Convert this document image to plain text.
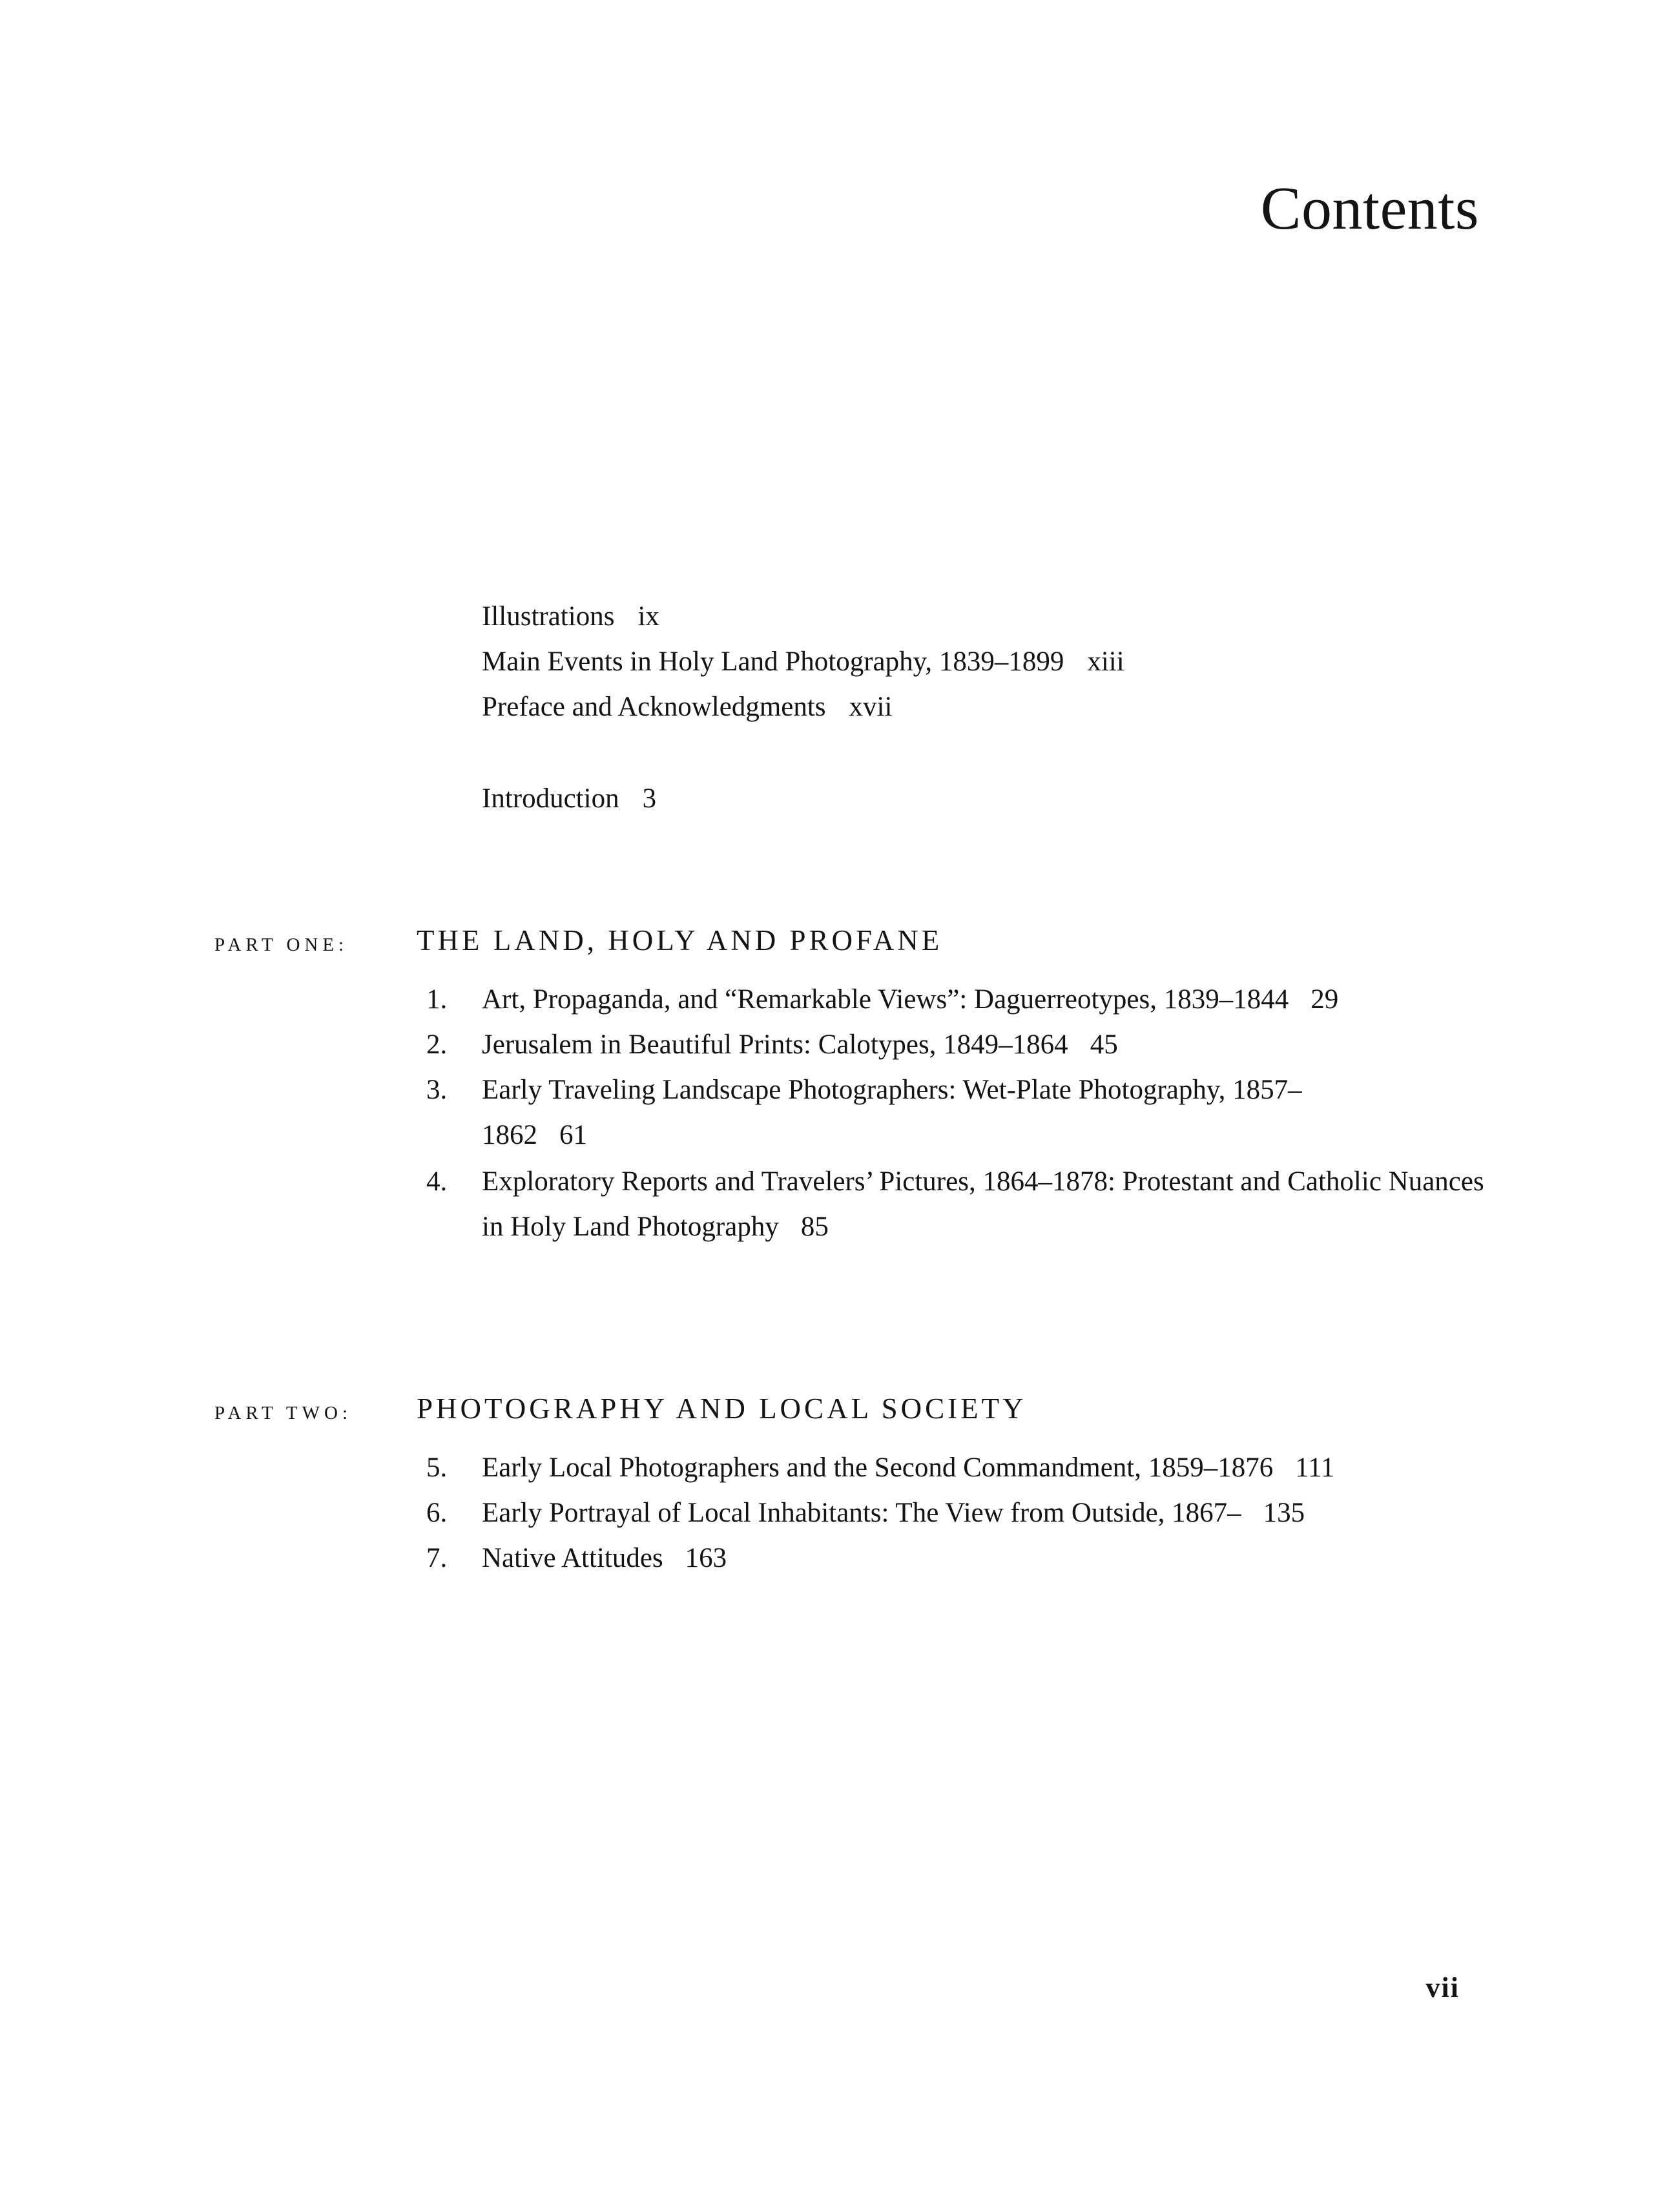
Contents
Illustrations ix
Main Events in Holy Land Photography, 1839–1899 xiii
Preface and Acknowledgments xvii
Introduction 3
PART ONE: THE LAND, HOLY AND PROFANE
1.	Art, Propaganda, and “Remarkable Views”: Daguerreotypes, 1839–1844 29
2.	Jerusalem in Beautiful Prints: Calotypes, 1849–1864 45
3.	Early Traveling Landscape Photographers: Wet-Plate Photography, 1857–1862 61
4.	Exploratory Reports and Travelers’ Pictures, 1864–1878: Protestant and Catholic Nuances in Holy Land Photography 85
PART TWO: PHOTOGRAPHY AND LOCAL SOCIETY
5.	Early Local Photographers and the Second Commandment, 1859–1876 111
6.	Early Portrayal of Local Inhabitants: The View from Outside, 1867– 135
7.	Native Attitudes 163
vii
